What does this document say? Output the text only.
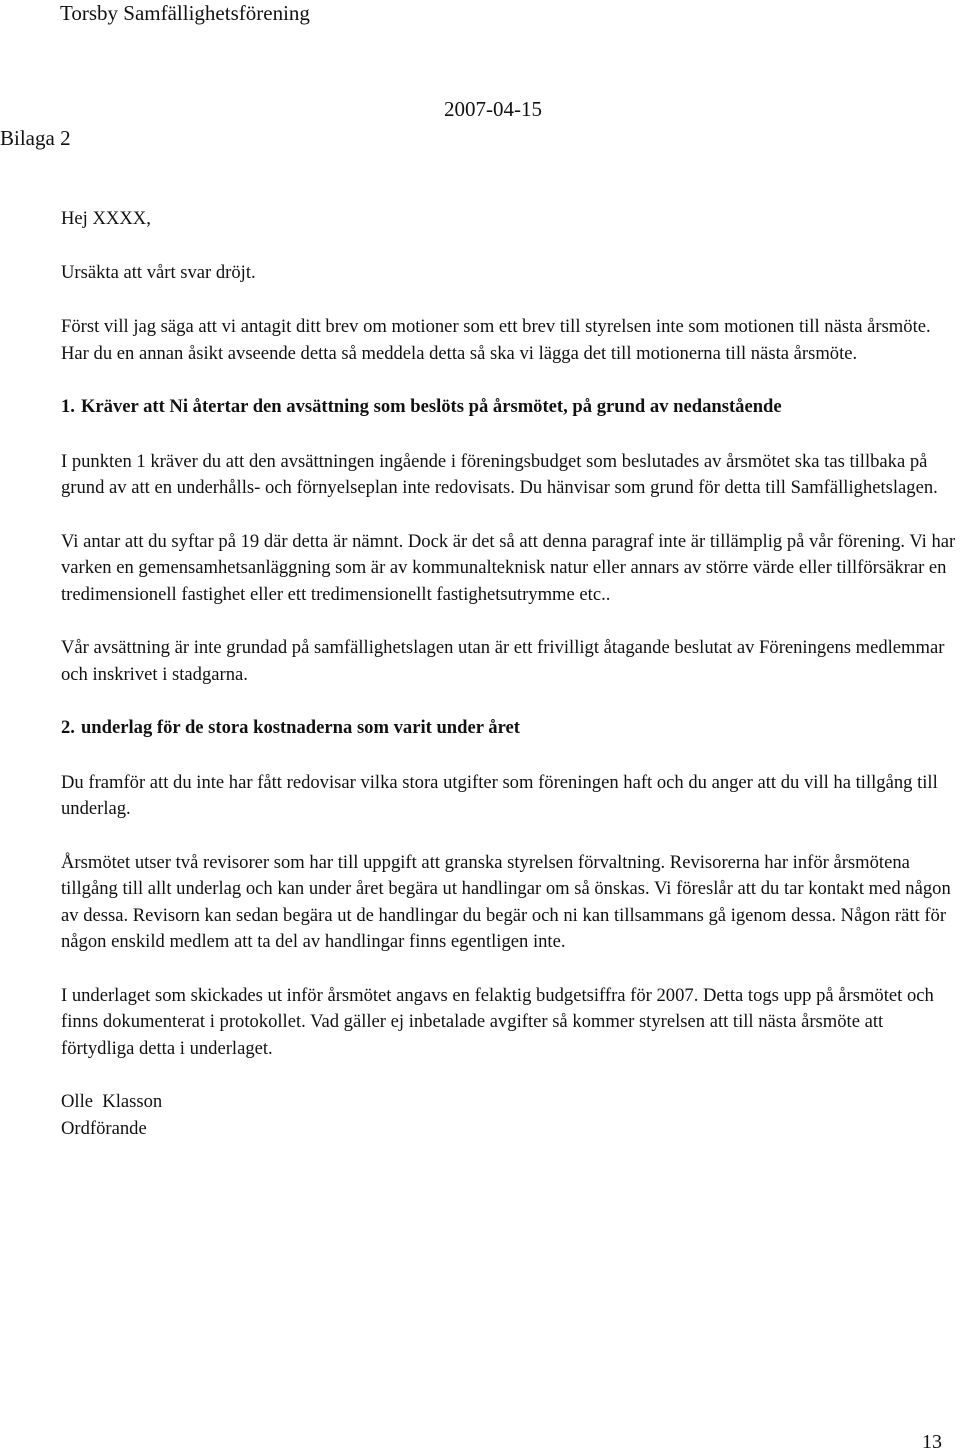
Torsby Samfällighetsförening
Bilaga 2
2007-04-15

Hej XXXX,

Ursäkta att vårt svar dröjt.

Först vill jag säga att vi antagit ditt brev om motioner som ett brev till styrelsen inte som motionen till nästa årsmöte. Har du en annan åsikt avseende detta så meddela detta så ska vi lägga det till motionerna till nästa årsmöte.

1. Kräver att Ni återtar den avsättning som beslöts på årsmötet, på grund av nedanstående

I punkten 1 kräver du att den avsättningen ingående i föreningsbudget som beslutades av årsmötet ska tas tillbaka på grund av att en underhålls- och förnyelseplan inte redovisats. Du hänvisar som grund för detta till Samfällighetslagen.

Vi antar att du syftar på 19 där detta är nämnt. Dock är det så att denna paragraf inte är tillämplig på vår förening. Vi har varken en gemensamhetsanläggning som är av kommunalteknisk natur eller annars av större värde eller tillförsäkrar en tredimensionell fastighet eller ett tredimensionellt fastighetsutrymme etc..

Vår avsättning är inte grundad på samfällighetslagen utan är ett frivilligt åtagande beslutat av Föreningens medlemmar och inskrivet i stadgarna.

2. underlag för de stora kostnaderna som varit under året

Du framför att du inte har fått redovisar vilka stora utgifter som föreningen haft och du anger att du vill ha tillgång till underlag.

Årsmötet utser två revisorer som har till uppgift att granska styrelsen förvaltning. Revisorerna har inför årsmötena tillgång till allt underlag och kan under året begära ut handlingar om så önskas. Vi föreslår att du tar kontakt med någon av dessa. Revisorn kan sedan begära ut de handlingar du begär och ni kan tillsammans gå igenom dessa. Någon rätt för någon enskild medlem att ta del av handlingar finns egentligen inte.

I underlaget som skickades ut inför årsmötet angavs en felaktig budgetsiffra för 2007. Detta togs upp på årsmötet och finns dokumenterat i protokollet. Vad gäller ej inbetalade avgifter så kommer styrelsen att till nästa årsmöte att förtydliga detta i underlaget.

Olle  Klasson

Ordförande

13
